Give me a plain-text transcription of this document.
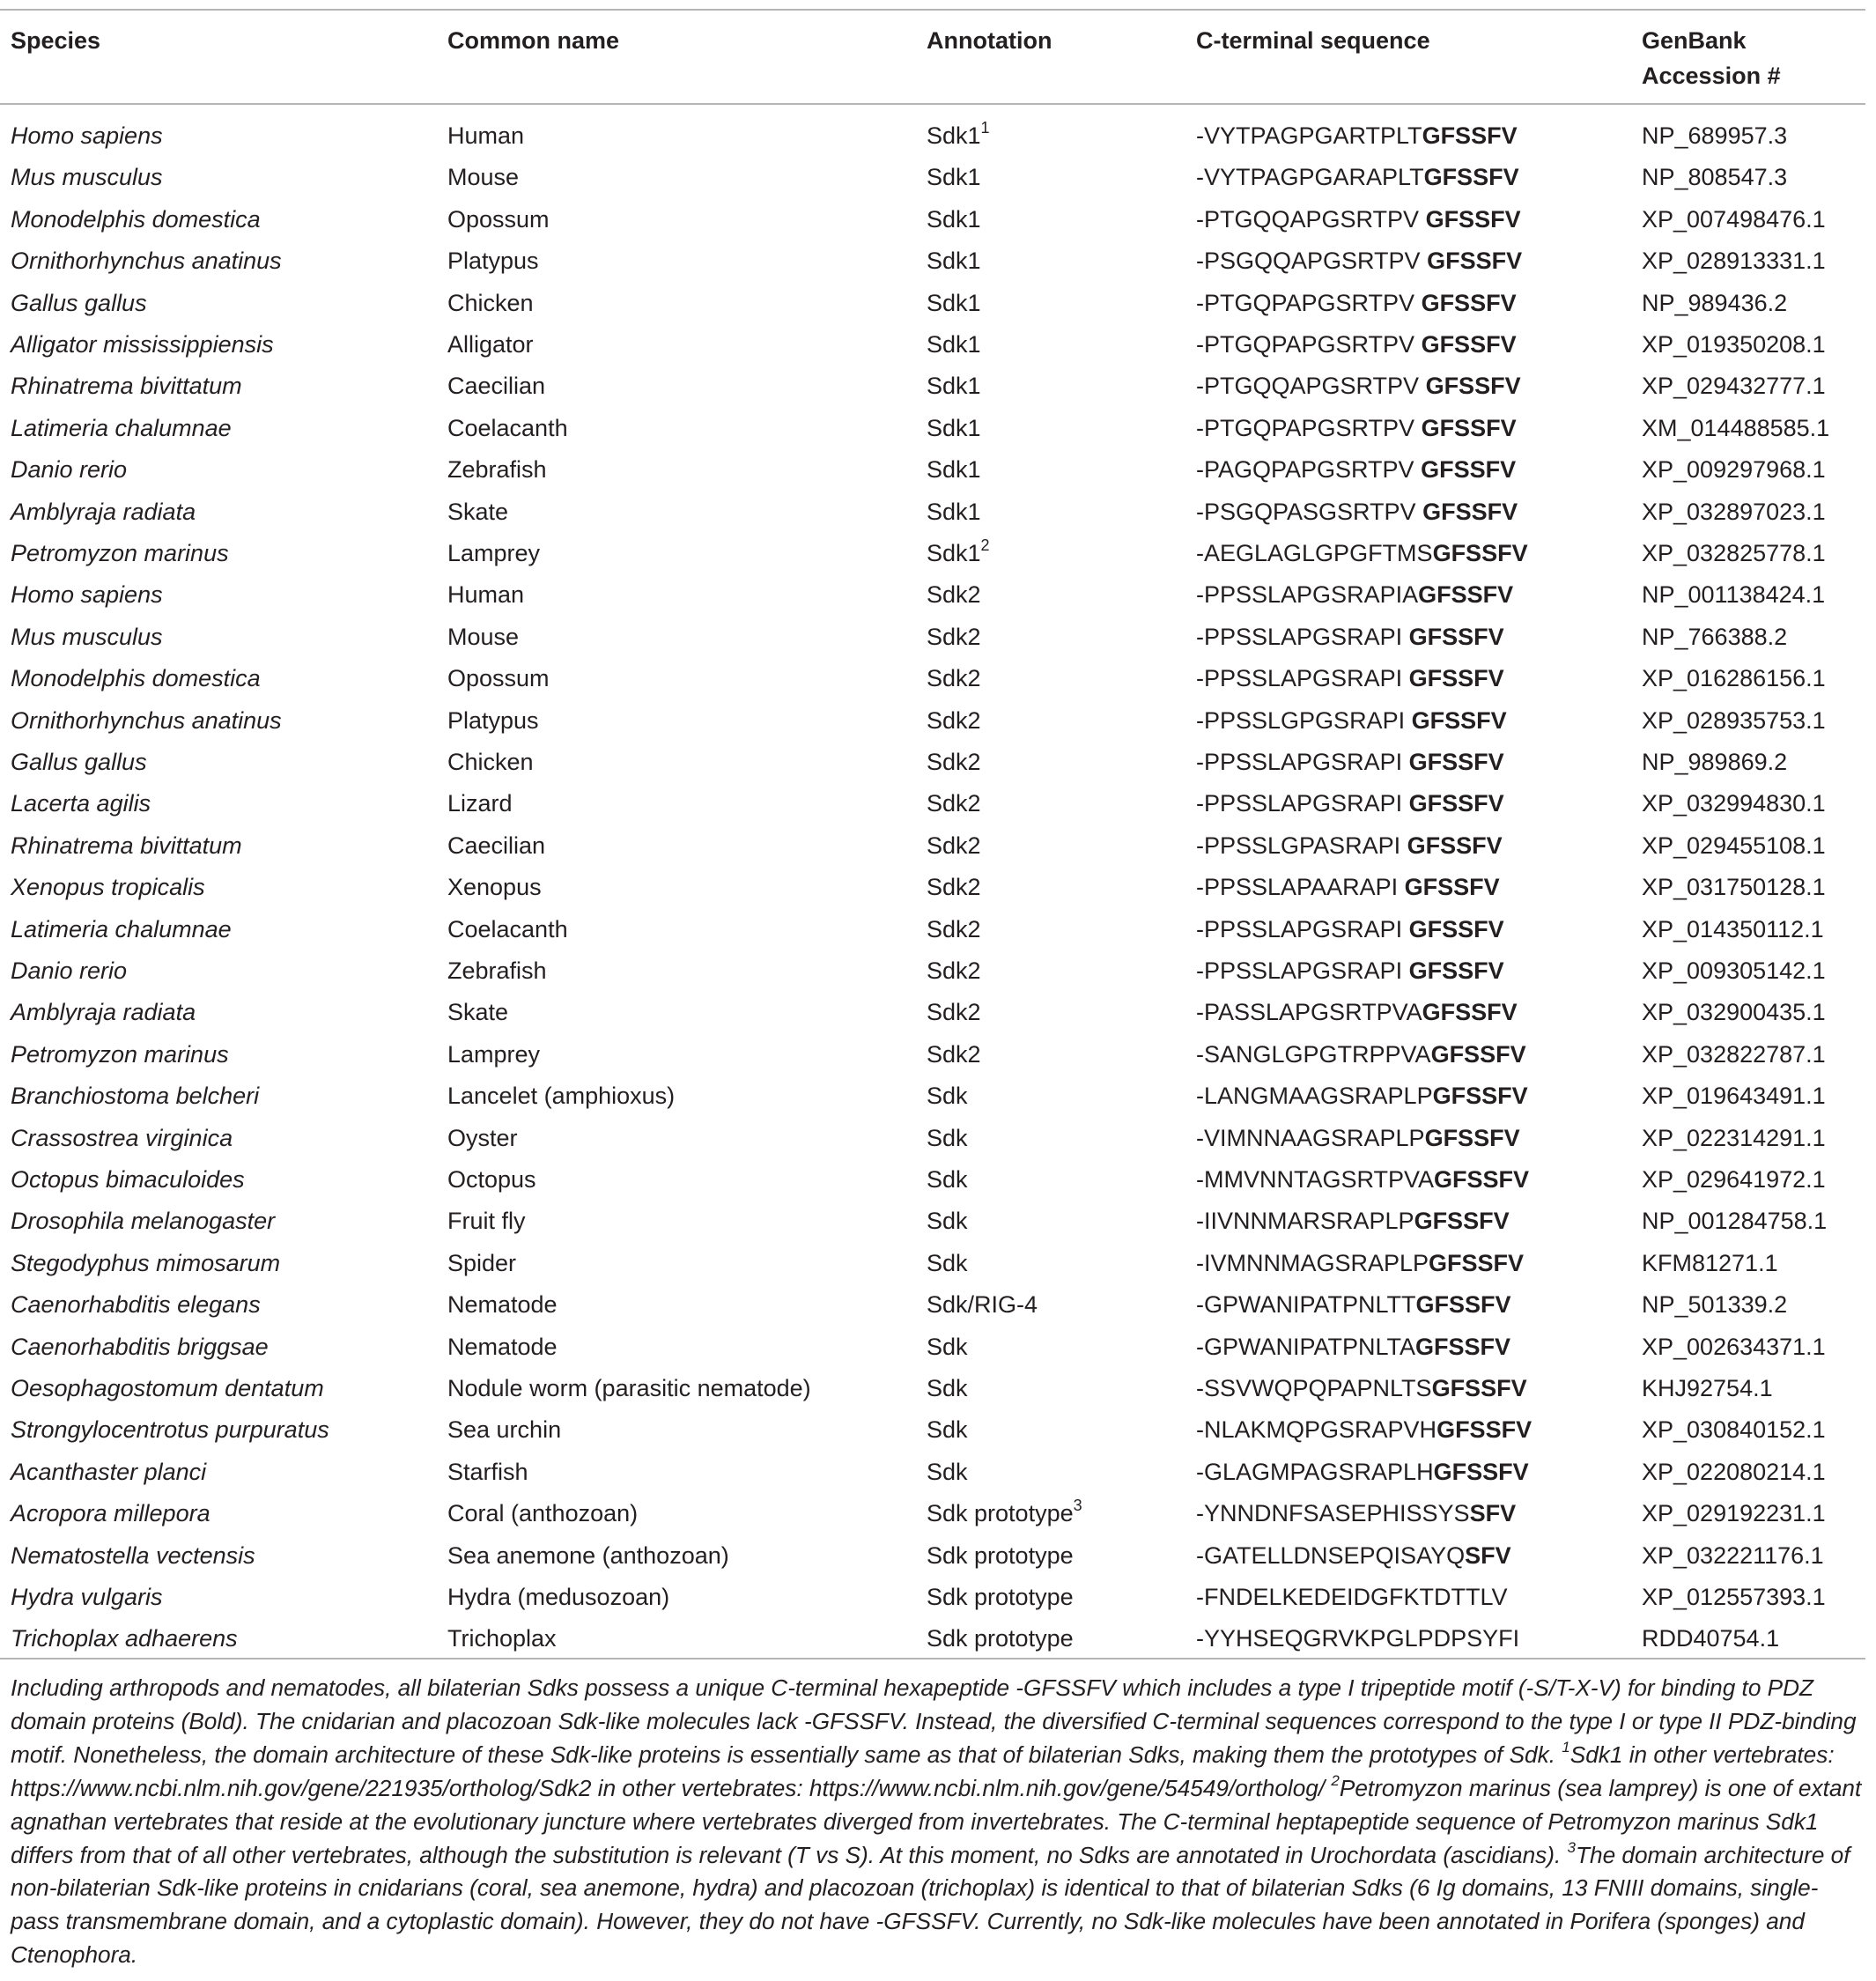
Species	Common name	Annotation	C-terminal sequence	GenBank
Accession #
Homo sapiens	Human	$Sdk1^1$	-VYTPAGPGARTPLTGFSSFV	NP_689957.3
Mus musculus	Mouse	Sdk1	-VYTPAGPGARAPLTGFSSFV	NP_808547.3
Monodelphis domestica	Opossum	Sdk1	-PTGQQAPGSRTPV GFSSFV	XP_007498476.1
Ornithorhynchus anatinus	Platypus	Sdk1	-PSGQQAPGSRTPV GFSSFV	XP_028913331.1
Gallus gallus	Chicken	Sdk1	-PTGQPAPGSRTPV GFSSFV	NP_989436.2
Alligator mississippiensis	Alligator	Sdk1	-PTGQPAPGSRTPV GFSSFV	XP_019350208.1
Rhinatrema bivittatum	Caecilian	Sdk1	-PTGQQAPGSRTPV GFSSFV	XP_029432777.1
Latimeria chalumnae	Coelacanth	Sdk1	-PTGQPAPGSRTPV GFSSFV	XM_014488585.1
Danio rerio	Zebrafish	Sdk1	-PAGQPAPGSRTPV GFSSFV	XP_009297968.1
Amblyraja radiata	Skate	Sdk1	-PSGQPASGSRTPV GFSSFV	XP_032897023.1
Petromyzon marinus	Lamprey	$Sdk1^2$	-AEGLAGLGPGFTMSGFSSFV	XP_032825778.1
Homo sapiens	Human	Sdk2	-PPSSLAPGSRAPIAGFSSFV	NP_001138424.1
Mus musculus	Mouse	Sdk2	-PPSSLAPGSRAPI GFSSFV	NP_766388.2
Monodelphis domestica	Opossum	Sdk2	-PPSSLAPGSRAPI GFSSFV	XP_016286156.1
Ornithorhynchus anatinus	Platypus	Sdk2	-PPSSLGPGSRAPI GFSSFV	XP_028935753.1
Gallus gallus	Chicken	Sdk2	-PPSSLAPGSRAPI GFSSFV	NP_989869.2
Lacerta agilis	Lizard	Sdk2	-PPSSLAPGSRAPI GFSSFV	XP_032994830.1
Rhinatrema bivittatum	Caecilian	Sdk2	-PPSSLGPASRAPI GFSSFV	XP_029455108.1
Xenopus tropicalis	Xenopus	Sdk2	-PPSSLAPAARAPI GFSSFV	XP_031750128.1
Latimeria chalumnae	Coelacanth	Sdk2	-PPSSLAPGSRAPI GFSSFV	XP_014350112.1
Danio rerio	Zebrafish	Sdk2	-PPSSLAPGSRAPI GFSSFV	XP_009305142.1
Amblyraja radiata	Skate	Sdk2	-PASSLAPGSRTPVAGFSSFV	XP_032900435.1
Petromyzon marinus	Lamprey	Sdk2	-SANGLGPGTRPPVAGFSSFV	XP_032822787.1
Branchiostoma belcheri	Lancelet (amphioxus)	Sdk	-LANGMAAGSRAPLPGFSSFV	XP_019643491.1
Crassostrea virginica	Oyster	Sdk	-VIMNNAAGSRAPLPGFSSFV	XP_022314291.1
Octopus bimaculoides	Octopus	Sdk	-MMVNNTAGSRTPVAGFSSFV	XP_029641972.1
Drosophila melanogaster	Fruit fly	Sdk	-IIVNNMARSRAPLPGFSSFV	NP_001284758.1
Stegodyphus mimosarum	Spider	Sdk	-IVMNNMAGSRAPLPGFSSFV	KFM81271.1
Caenorhabditis elegans	Nematode	Sdk/RIG-4	-GPWANIPATPNLTTGFSSFV	NP_501339.2
Caenorhabditis briggsae	Nematode	Sdk	-GPWANIPATPNLTAGFSSFV	XP_002634371.1
Oesophagostomum dentatum	Nodule worm (parasitic nematode)	Sdk	-SSVWQPQPAPNLTSGFSSFV	KHJ92754.1
Strongylocentrotus purpuratus	Sea urchin	Sdk	-NLAKMQPGSRAPVHGFSSFV	XP_030840152.1
Acanthaster planci	Starfish	Sdk	-GLAGMPAGSRAPLHGFSSFV	XP_022080214.1
Acropora millepora	Coral (anthozoan)	Sdk prototype$^3$	-YNNDNFSASEPHISSYSSFV	XP_029192231.1
Nematostella vectensis	Sea anemone (anthozoan)	Sdk prototype	-GATELLDNSEPQISAYQSFV	XP_032221176.1
Hydra vulgaris	Hydra (medusozoan)	Sdk prototype	-FNDELKEDEIDGFKTDTTLV	XP_012557393.1
Trichoplax adhaerens	Trichoplax	Sdk prototype	-YYHSEQGRVKPGLPDPSYFI	RDD40754.1
Including arthropods and nematodes, all bilaterian Sdks possess a unique C-terminal hexapeptide -GFSSFV which includes a type I tripeptide motif (-S/T-X-V) for binding to PDZ domain proteins (Bold). The cnidarian and placozoan Sdk-like molecules lack -GFSSFV. Instead, the diversified C-terminal sequences correspond to the type I or type II PDZ-binding motif. Nonetheless, the domain architecture of these Sdk-like proteins is essentially same as that of bilaterian Sdks, making them the prototypes of Sdk. $^1$Sdk1 in other vertebrates: https://www.ncbi.nlm.nih.gov/gene/221935/ortholog/Sdk2 in other vertebrates: https://www.ncbi.nlm.nih.gov/gene/54549/ortholog/ $^2$Petromyzon marinus (sea lamprey) is one of extant agnathan vertebrates that reside at the evolutionary juncture where vertebrates diverged from invertebrates. The C-terminal heptapeptide sequence of Petromyzon marinus Sdk1 differs from that of all other vertebrates, although the substitution is relevant (T vs S). At this moment, no Sdks are annotated in Urochordata (ascidians). $^3$The domain architecture of non-bilaterian Sdk-like proteins in cnidarians (coral, sea anemone, hydra) and placozoan (trichoplax) is identical to that of bilaterian Sdks (6 Ig domains, 13 FNIII domains, single-pass transmembrane domain, and a cytoplastic domain). However, they do not have -GFSSFV. Currently, no Sdk-like molecules have been annotated in Porifera (sponges) and Ctenophora.
